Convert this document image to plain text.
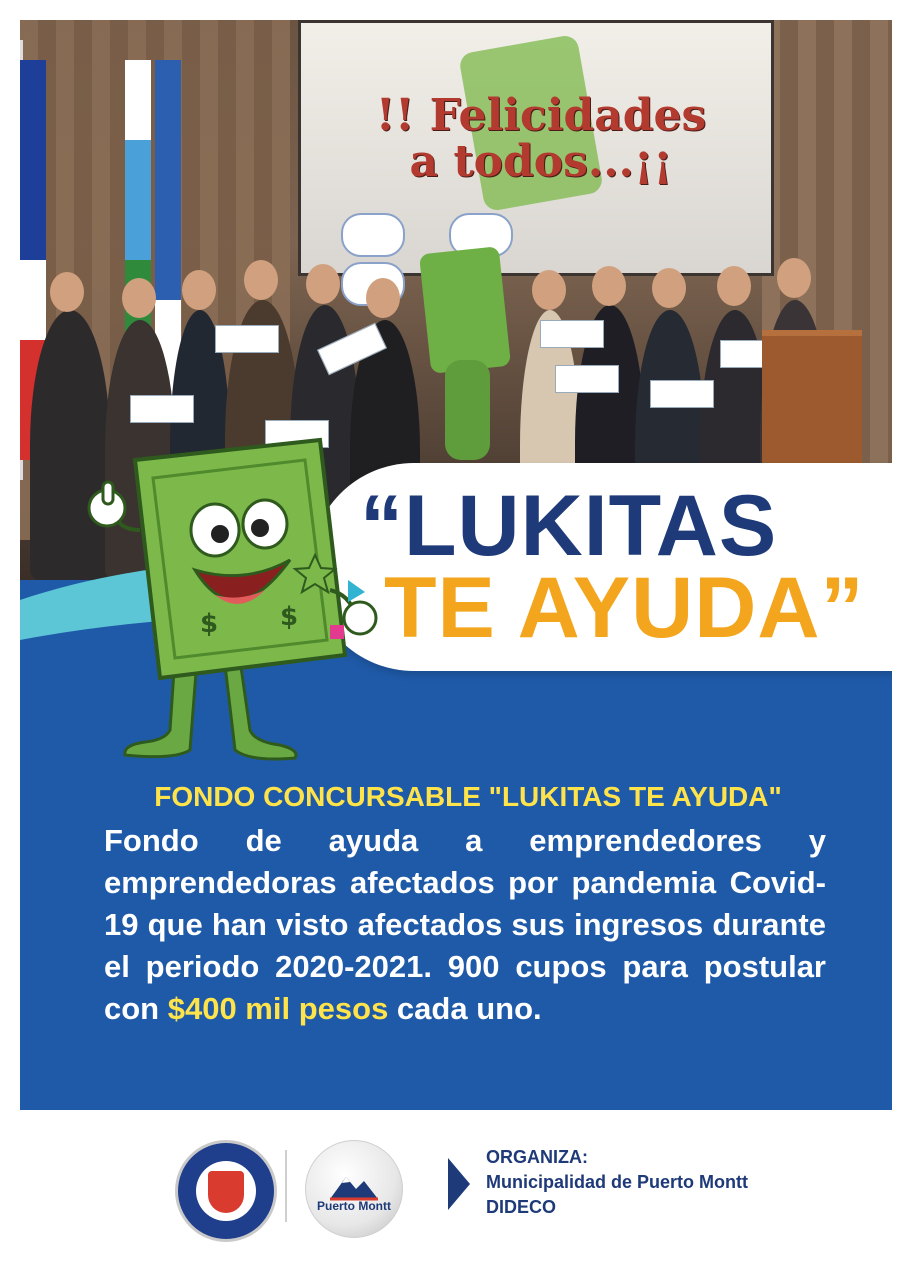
!! Felicidades
a todos...¡¡

“LUKITAS
TE AYUDA”
$ $
FONDO CONCURSABLE "LUKITAS TE AYUDA"
Fondo de ayuda a emprendedores y emprendedoras afectados por pandemia Covid-19 que han visto afectados sus ingresos durante el periodo 2020-2021. 900 cupos para postular con $400 mil pesos cada uno.
Puerto Montt
ORGANIZA:
Municipalidad de Puerto Montt
DIDECO
